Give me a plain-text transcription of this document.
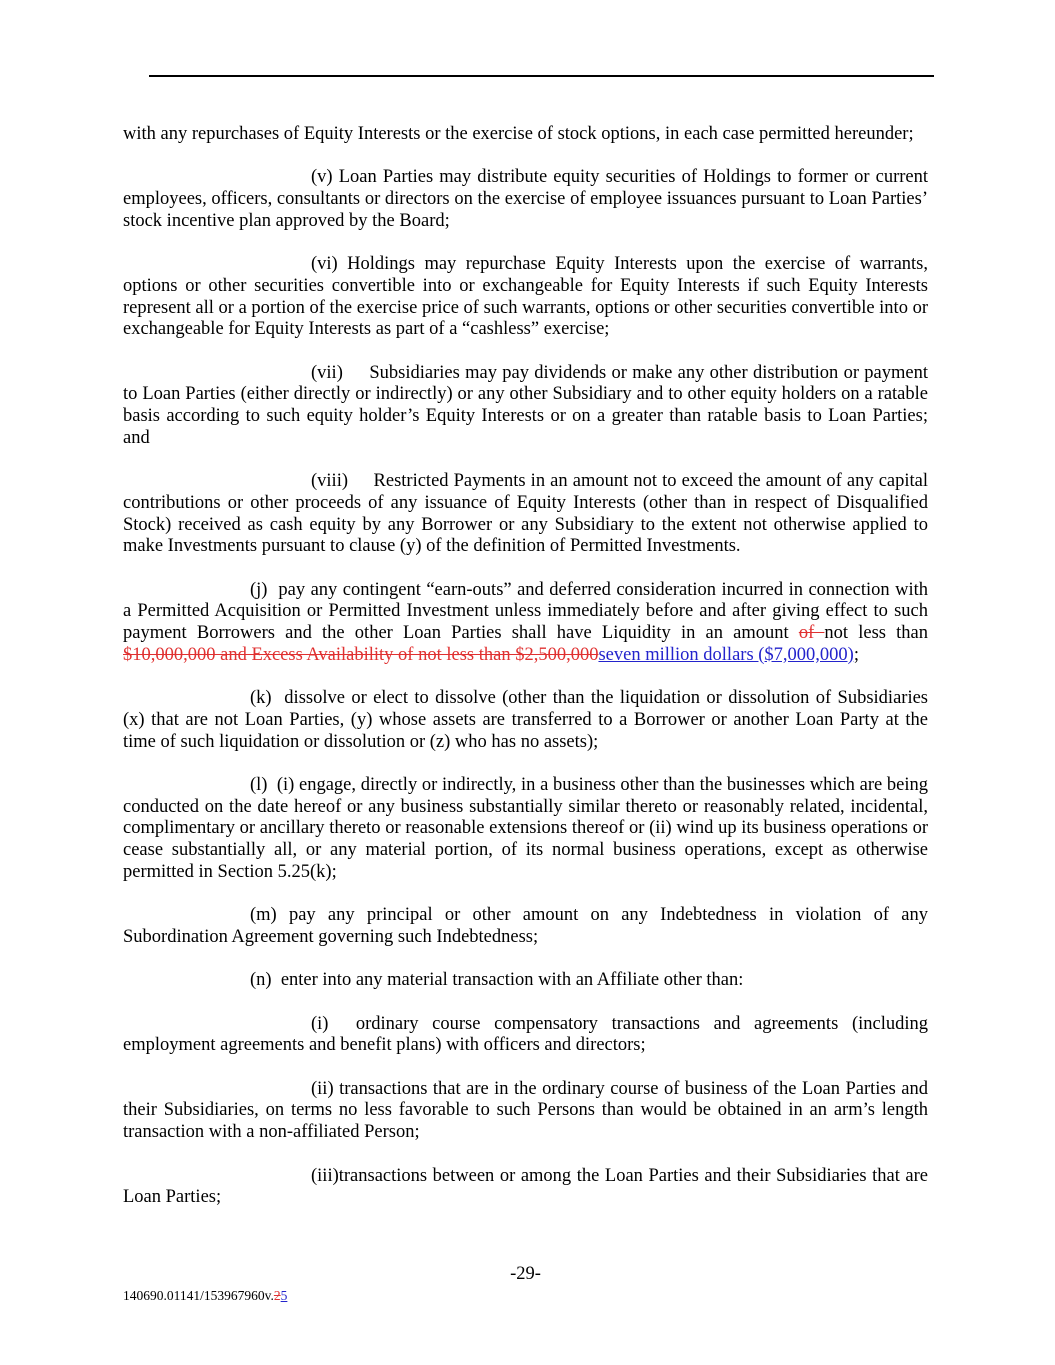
with any repurchases of Equity Interests or the exercise of stock options, in each case permitted hereunder;

(v) Loan Parties may distribute equity securities of Holdings to former or current employees, officers, consultants or directors on the exercise of employee issuances pursuant to Loan Parties’ stock incentive plan approved by the Board;

(vi) Holdings may repurchase Equity Interests upon the exercise of warrants, options or other securities convertible into or exchangeable for Equity Interests if such Equity Interests represent all or a portion of the exercise price of such warrants, options or other securities convertible into or exchangeable for Equity Interests as part of a “cashless” exercise;

(vii)     Subsidiaries may pay dividends or make any other distribution or payment to Loan Parties (either directly or indirectly) or any other Subsidiary and to other equity holders on a ratable basis according to such equity holder’s Equity Interests or on a greater than ratable basis to Loan Parties; and

(viii)     Restricted Payments in an amount not to exceed the amount of any capital contributions or other proceeds of any issuance of Equity Interests (other than in respect of Disqualified Stock) received as cash equity by any Borrower or any Subsidiary to the extent not otherwise applied to make Investments pursuant to clause (y) of the definition of Permitted Investments.

(j)  pay any contingent “earn-outs” and deferred consideration incurred in connection with a Permitted Acquisition or Permitted Investment unless immediately before and after giving effect to such payment Borrowers and the other Loan Parties shall have Liquidity in an amount of not less than $10,000,000 and Excess Availability of not less than $2,500,000seven million dollars ($7,000,000);

(k)  dissolve or elect to dissolve (other than the liquidation or dissolution of Subsidiaries (x) that are not Loan Parties, (y) whose assets are transferred to a Borrower or another Loan Party at the time of such liquidation or dissolution or (z) who has no assets);

(l)  (i) engage, directly or indirectly, in a business other than the businesses which are being conducted on the date hereof or any business substantially similar thereto or reasonably related, incidental, complimentary or ancillary thereto or reasonable extensions thereof or (ii) wind up its business operations or cease substantially all, or any material portion, of its normal business operations, except as otherwise permitted in Section 5.25(k);

(m) pay any principal or other amount on any Indebtedness in violation of any Subordination Agreement governing such Indebtedness;

(n)  enter into any material transaction with an Affiliate other than:

(i)  ordinary course compensatory transactions and agreements (including employment agreements and benefit plans) with officers and directors;

(ii) transactions that are in the ordinary course of business of the Loan Parties and their Subsidiaries, on terms no less favorable to such Persons than would be obtained in an arm’s length transaction with a non-affiliated Person;

(iii)transactions between or among the Loan Parties and their Subsidiaries that are Loan Parties;

-29-
140690.01141/153967960v.25
